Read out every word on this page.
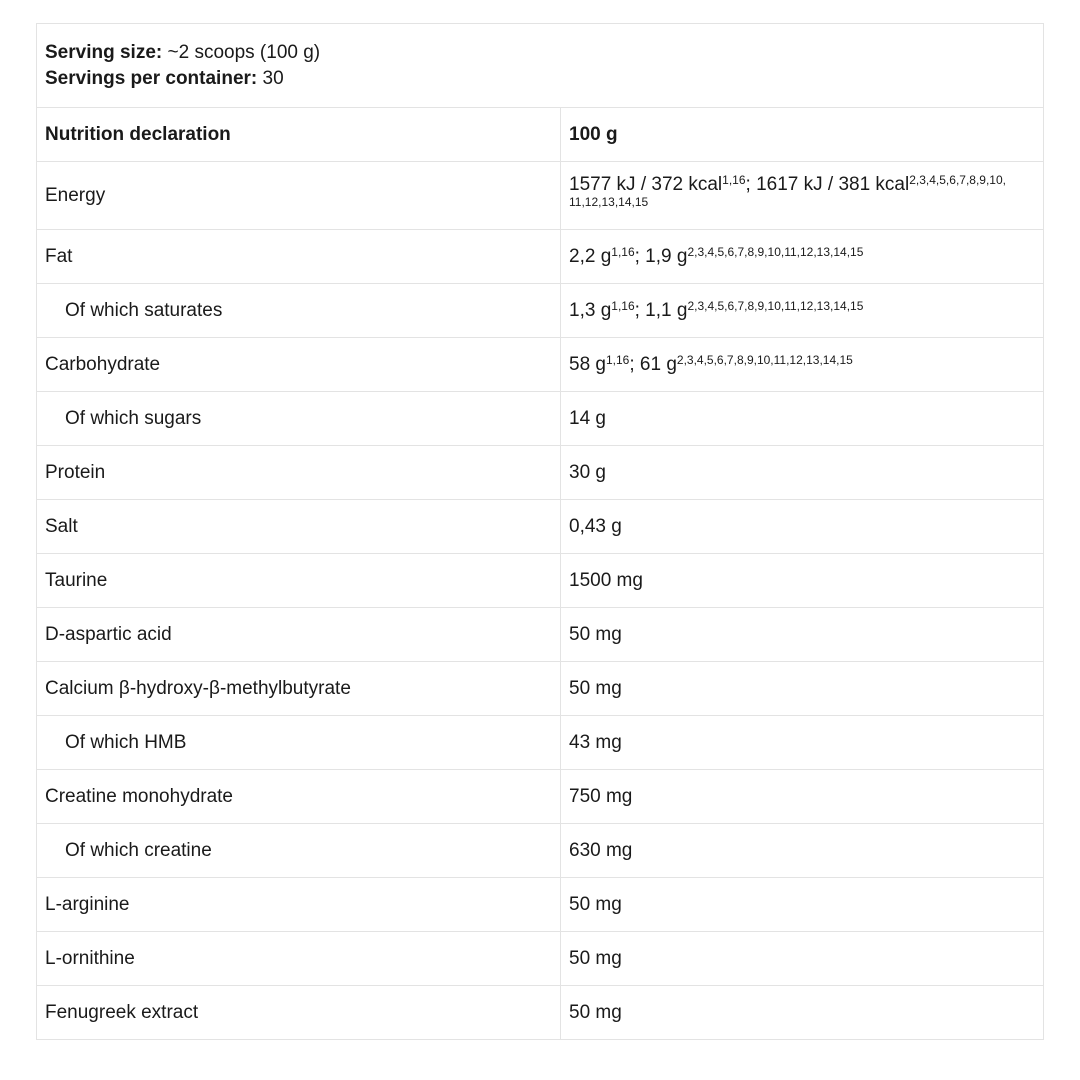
Serving size: ~2 scoops (100 g)
Servings per container: 30	

Nutrition declaration	100 g
Energy	1577 kJ / 372 kcal$^{1,16}$; 1617 kJ / 381 kcal$^{2,3,4,5,6,7,8,9,10, 11,12,13,14,15}$
Fat	2,2 $g^{1,16}$; 1,9 $g^{2,3,4,5,6,7,8,9,10,11,12,13,14,15}$
Of which saturates	1,3 $g^{1,16}$; 1,1 $g^{2,3,4,5,6,7,8,9,10,11,12,13,14,15}$
Carbohydrate	58 $g^{1,16}$; 61 $g^{2,3,4,5,6,7,8,9,10,11,12,13,14,15}$
Of which sugars	14 g
Protein	30 g
Salt	0,43 g
Taurine	1500 mg
D-aspartic acid	50 mg
Calcium β-hydroxy-β-methylbutyrate	50 mg
Of which HMB	43 mg
Creatine monohydrate	750 mg
Of which creatine	630 mg
L-arginine	50 mg
L-ornithine	50 mg
Fenugreek extract	50 mg
